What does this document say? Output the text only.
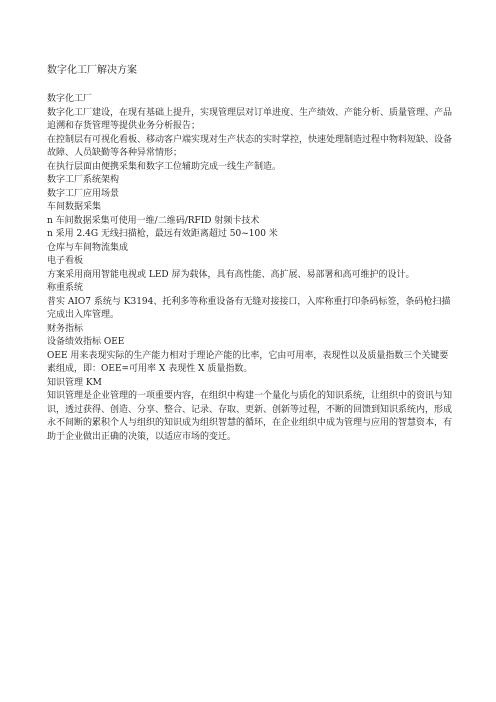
数字化工厂解决方案

数字化工厂

数字化工厂建设，在现有基础上提升，实现管理层对订单进度、生产绩效、产能分析、质量管理、产品追溯和存货管理等提供业务分析报告；

在控制层有可视化看板、移动客户端实现对生产状态的实时掌控，快速处理制造过程中物料短缺、设备故障、人员缺勤等各种异常情形；

在执行层面由便携采集和数字工位辅助完成一线生产制造。

数字工厂系统架构

数字工厂应用场景

车间数据采集

n 车间数据采集可使用一维/二维码/RFID 射频卡技术

n 采用 2.4G 无线扫描枪，最远有效距离超过 50~100 米

仓库与车间物流集成

电子看板

方案采用商用智能电视或 LED 屏为载体，具有高性能、高扩展、易部署和高可维护的设计。

称重系统

普实 AIO7 系统与 K3194、托利多等称重设备有无缝对接接口，入库称重打印条码标签，条码枪扫描完成出入库管理。

财务指标

设备绩效指标 OEE

OEE 用来表现实际的生产能力相对于理论产能的比率，它由可用率，表现性以及质量指数三个关键要素组成，即：OEE=可用率 X 表现性 X 质量指数。

知识管理 KM

知识管理是企业管理的一项重要内容，在组织中构建一个量化与质化的知识系统，让组织中的资讯与知识，透过获得、创造、分享、整合、记录、存取、更新、创新等过程，不断的回馈到知识系统内，形成永不间断的累积个人与组织的知识成为组织智慧的循环，在企业组织中成为管理与应用的智慧资本，有助于企业做出正确的决策，以适应市场的变迁。
